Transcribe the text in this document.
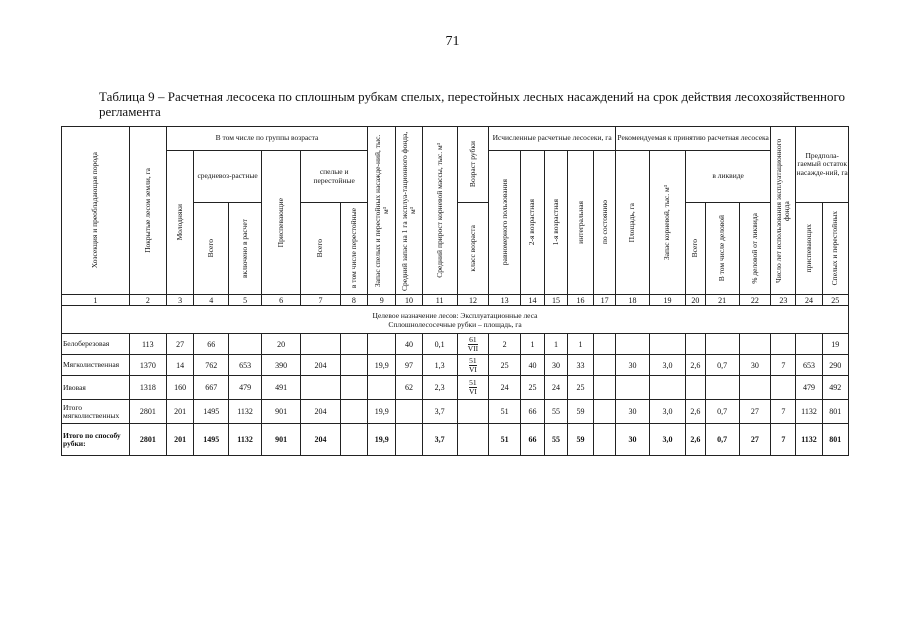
71
Таблица 9 – Расчетная лесосека по сплошным рубкам спелых, перестойных лесных насаждений на срок действия лесохозяйственного регламента
Хозсекция и преобладающая порода	Покрытые лесом земли, га	В том числе по группы возраста						Запас спелых и перестойных насажде-ний, тыс. м³	Средний запас на 1 га эксплуа-тационного фонда, м³	Средний прирост корневой массы, тыс. м³	Возраст рубки	Исчисленные расчетные лесосеки, га					Рекомендуемая к принятию расчетная лесосека					Число лет использования эксплуатационного фонда	Предпола-гаемый остаток насажде-ний, га	

		Молодняки	средневоз-растные		Приспевающие	спелые и перестойные						равномерного пользования	2-я возрастная	1-я возрастная	интегральная	по состоянию	Площадь, га	Запас корневой, тыс. м³	в ликвиде					

			Всего	включено в расчет		Всего	в том числе перестойные				класс возраста								Всего	В том числе деловой	% деловой от ликвида		приспевающих	Спелых и перестойных

1	2	3	4	5	6	7	8	9	10	11	12	13	14	15	16	17	18	19	20	21	22	23	24	25

Целевое назначение лесов: Эксплуатационные леса
Сплошнолесосечные рубки – площадь, га																								

Белоберезовая	113	27	66		20				40	0,1	$\frac{61}{\text{VII}}$	2	1	1	1									19
Мягколиственная	1370	14	762	653	390	204		19,9	97	1,3	$\frac{51}{VI}$	25	40	30	33		30	3,0	2,6	0,7	30	7	653	290
Ивовая	1318	160	667	479	491				62	2,3	$\frac{51}{VI}$	24	25	24	25								479	492
Итого мягколиственных	2801	201	1495	1132	901	204		19,9		3,7		51	66	55	59		30	3,0	2,6	0,7	27	7	1132	801
Итого по способу рубки:	2801	201	1495	1132	901	204		19,9		3,7		51	66	55	59		30	3,0	2,6	0,7	27	7	1132	801
